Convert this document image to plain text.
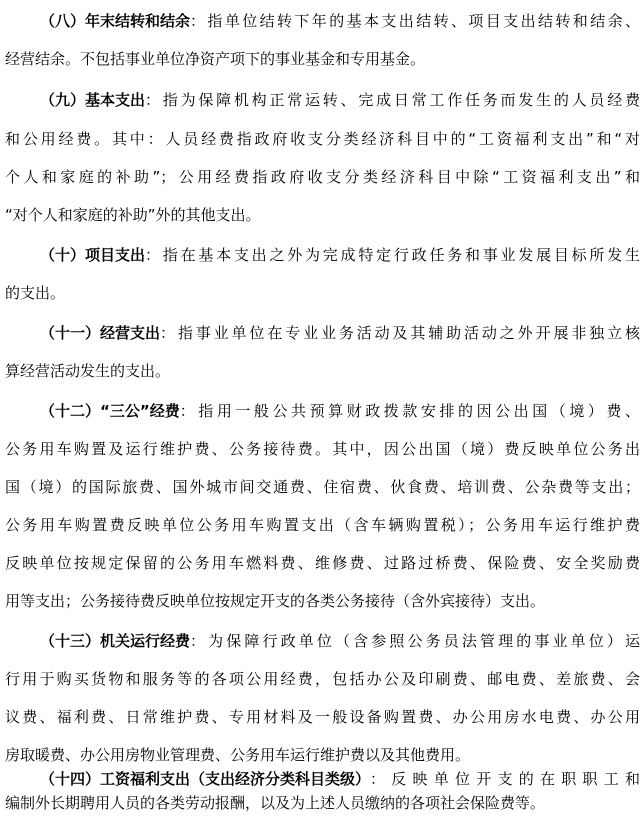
（八）年末结转和结余 ：指单位结转下年的基本支出结转、项目支出结转和结余、
经营结余。不包括事业单位净资产项下的事业基金和专用基金。
（九）基本支出 ：指为保障机构正常运转、完成日常工作任务而发生的人员经费
和公用经费。其中：人员经费指政府收支分类经济科目中的“工资福利支出”和“对
个人和家庭的补助”；公用经费指政府收支分类经济科目中除“工资福利支出”和
“对个人和家庭的补助”外的其他支出。
（十）项目支出 ：指在基本支出之外为完成特定行政任务和事业发展目标所发生
的支出。
（十一）经营支出 ：指事业单位在专业业务活动及其辅助活动之外开展非独立核
算经营活动发生的支出。
（十二）“三公”经费 ：指用一般公共预算财政拨款安排的因公出国（境）费、
公务用车购置及运行维护费、公务接待费。其中，因公出国（境）费反映单位公务出
国（境）的国际旅费、国外城市间交通费、住宿费、伙食费、培训费、公杂费等支出；
公务用车购置费反映单位公务用车购置支出（含车辆购置税）；公务用车运行维护费
反映单位按规定保留的公务用车燃料费、维修费、过路过桥费、保险费、安全奖励费
用等支出；公务接待费反映单位按规定开支的各类公务接待（含外宾接待）支出。
（十三）机关运行经费 ：为保障行政单位（含参照公务员法管理的事业单位）运
行用于购买货物和服务等的各项公用经费，包括办公及印刷费、邮电费、差旅费、会
议费、福利费、日常维护费、专用材料及一般设备购置费、办公用房水电费、办公用
房取暖费、办公用房物业管理费、公务用车运行维护费以及其他费用。
（十四）工资福利支出（支出经济分类科目类级） ：反映单位开支的在职职工和
编制外长期聘用人员的各类劳动报酬，以及为上述人员缴纳的各项社会保险费等。
